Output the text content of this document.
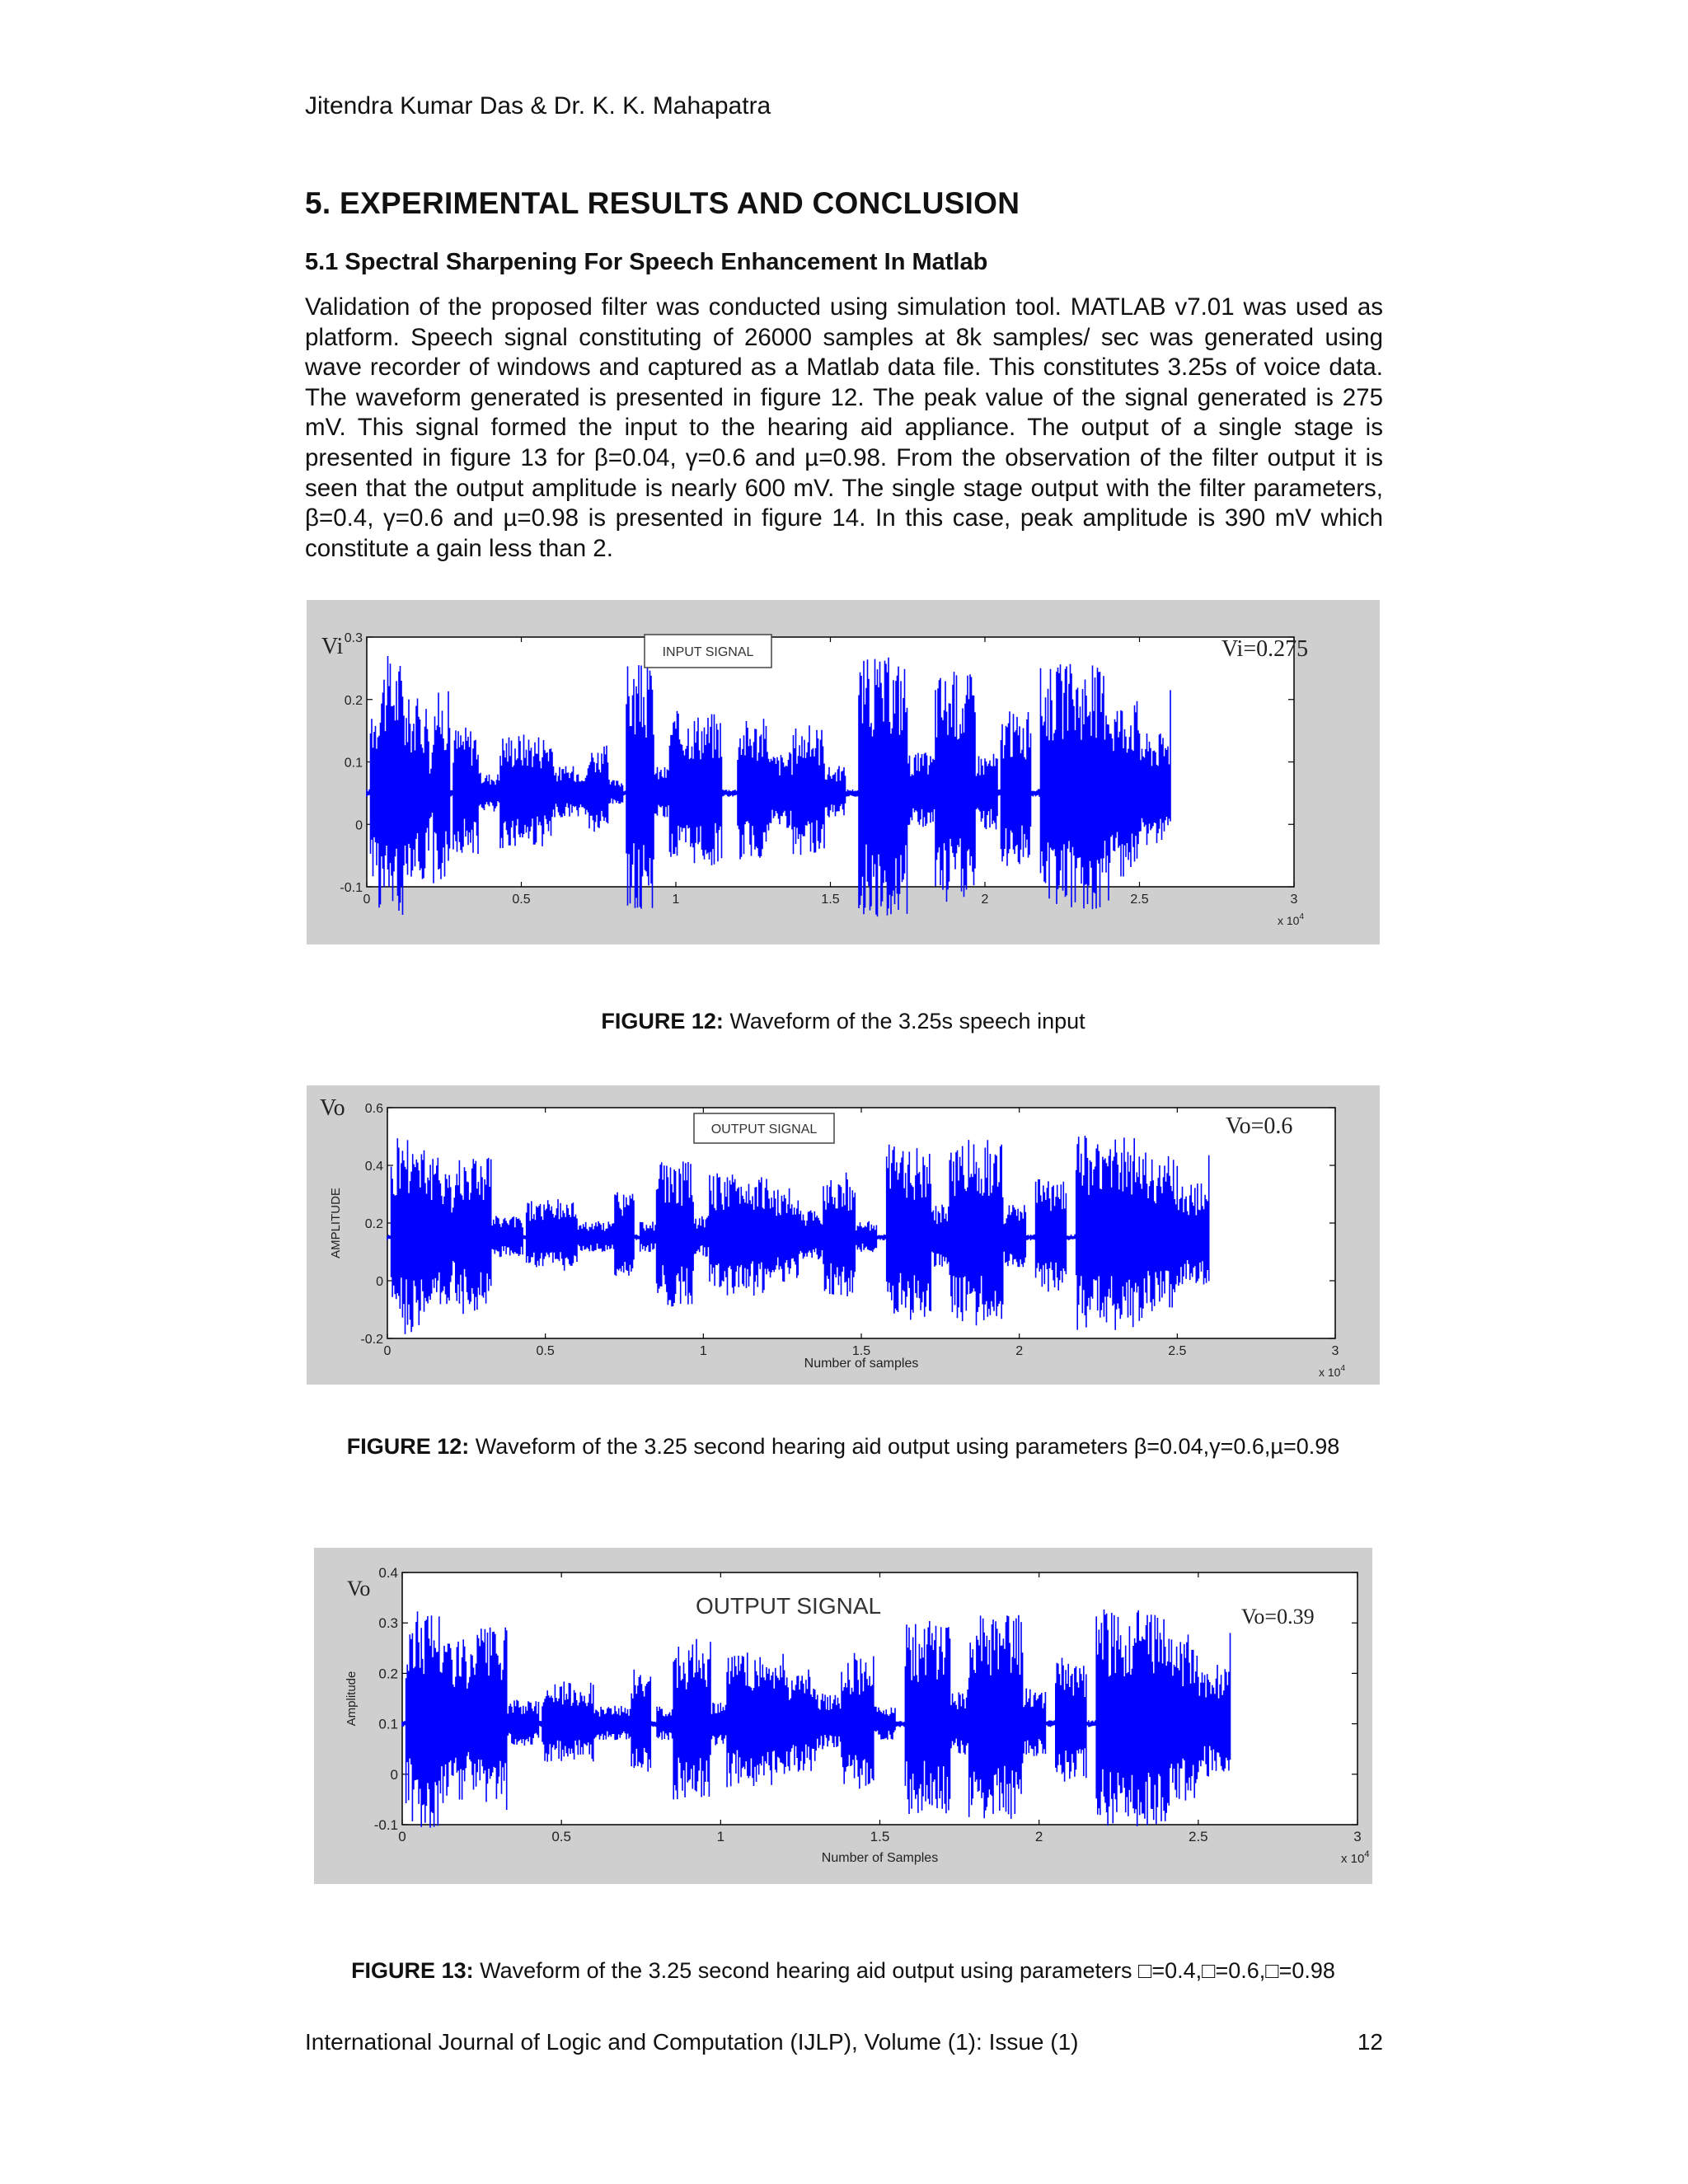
Jitendra Kumar Das & Dr. K. K. Mahapatra
5. EXPERIMENTAL RESULTS AND CONCLUSION
5.1 Spectral Sharpening For Speech Enhancement In Matlab
Validation of the proposed filter was conducted using simulation tool. MATLAB v7.01 was used as platform. Speech signal constituting of 26000 samples at 8k samples/ sec was generated using wave recorder of windows and captured as a Matlab data file. This constitutes 3.25s of voice data. The waveform generated is presented in figure 12. The peak value of the signal generated is 275 mV. This signal formed the input to the hearing aid appliance. The output of a single stage is presented in figure 13 for β=0.04, γ=0.6 and µ=0.98. From the observation of the filter output it is seen that the output amplitude is nearly 600 mV. The single stage output with the filter parameters, β=0.4, γ=0.6 and µ=0.98 is presented in figure 14. In this case, peak amplitude is 390 mV which constitute a gain less than 2.
0	0.5	1	1.5	2	2.5	3
-0.1
0
0.1
0.2
0.3
x $10^4$
INPUT SIGNAL	Vi=0.275
Vi
FIGURE 12: Waveform of the 3.25s speech input
0	0.5	1	1.5	2	2.5	3
-0.2
0
0.2
0.4
0.6
x $10^4$
OUTPUT SIGNAL	Vo=0.6
Vo
AMPLITUDE
Number of samples
FIGURE 12: Waveform of the 3.25 second hearing aid output using parameters β=0.04,γ=0.6,µ=0.98
0	0.5	1	1.5	2	2.5	3
-0.1
0
0.1
0.2
0.3
0.4
x $10^4$
OUTPUT SIGNAL	Vo=0.39
Vo
Amplitude
Number of Samples
FIGURE 13: Waveform of the 3.25 second hearing aid output using parameters □=0.4,□=0.6,□=0.98
International Journal of Logic and Computation (IJLP), Volume (1): Issue (1)	12
